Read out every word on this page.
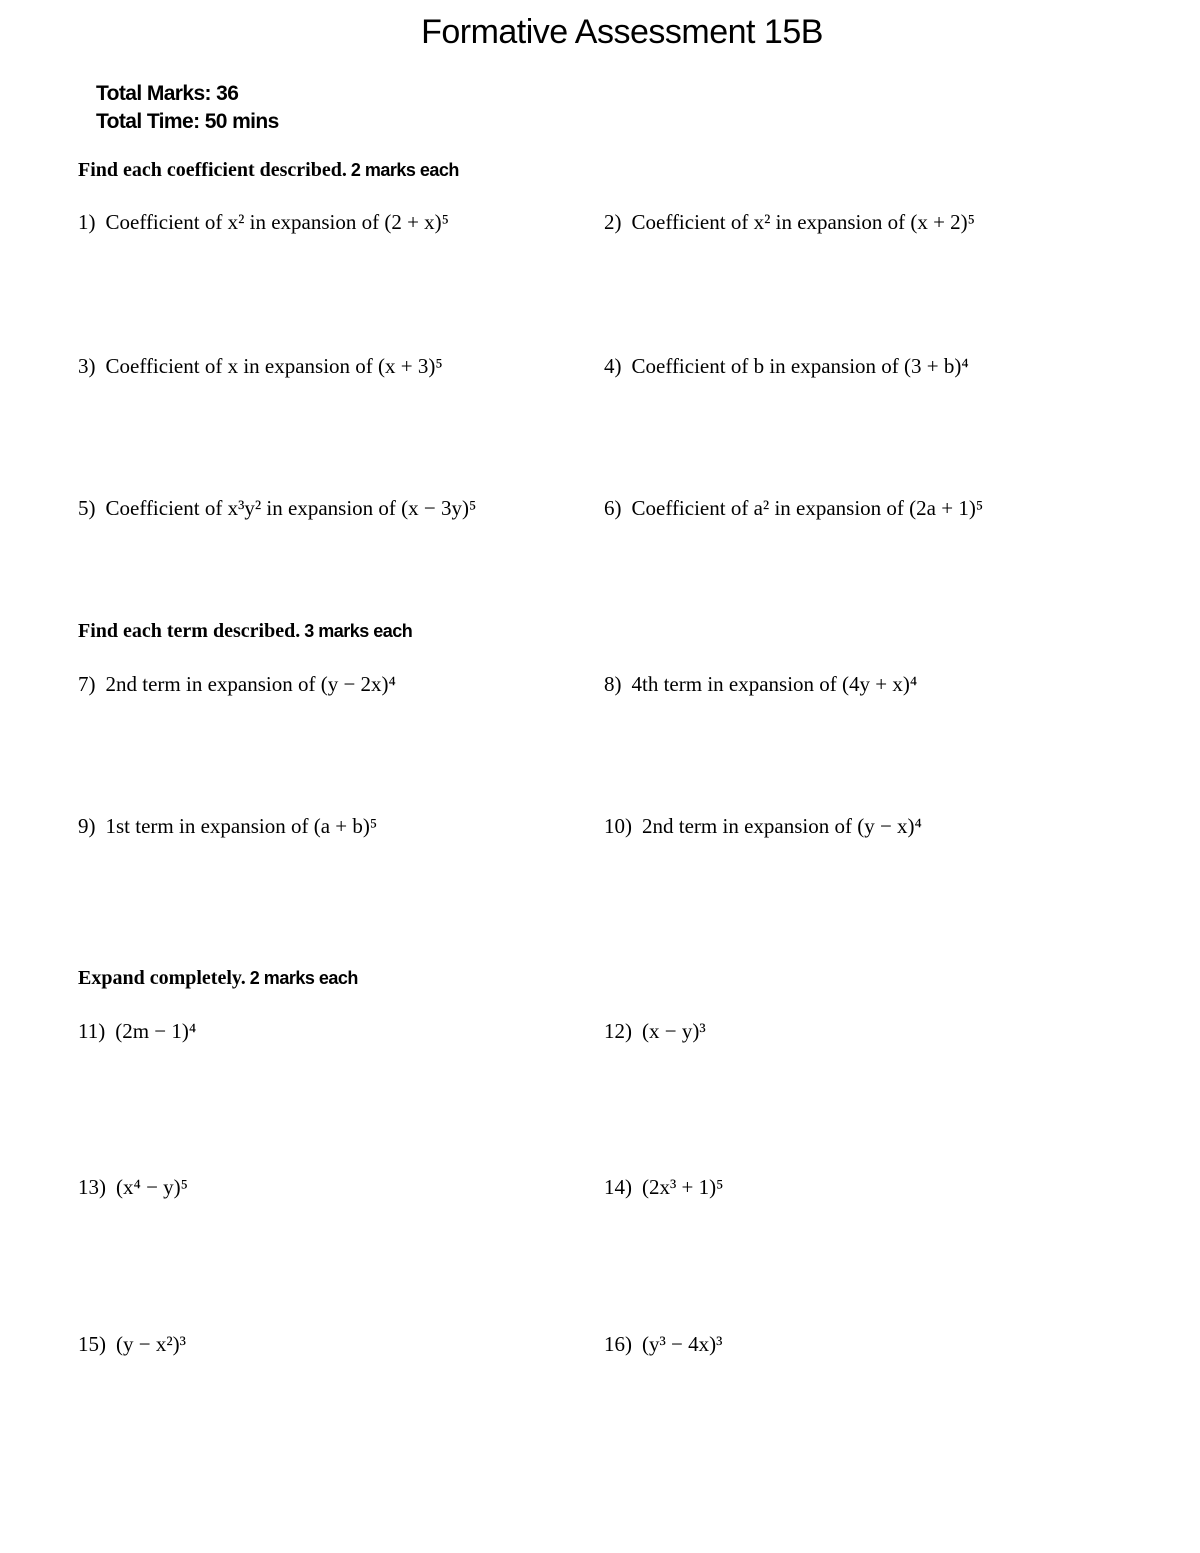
Formative Assessment 15B
Total Marks: 36
Total Time: 50 mins
Find each coefficient described. 2 marks each
1) Coefficient of x² in expansion of (2 + x)⁵	2) Coefficient of x² in expansion of (x + 2)⁵
3) Coefficient of x in expansion of (x + 3)⁵	4) Coefficient of b in expansion of (3 + b)⁴
5) Coefficient of x³y² in expansion of (x − 3y)⁵	6) Coefficient of a² in expansion of (2a + 1)⁵
Find each term described. 3 marks each
7) 2nd term in expansion of (y − 2x)⁴	8) 4th term in expansion of (4y + x)⁴
9) 1st term in expansion of (a + b)⁵	10) 2nd term in expansion of (y − x)⁴
Expand completely. 2 marks each
11) (2m − 1)⁴	12) (x − y)³
13) (x⁴ − y)⁵	14) (2x³ + 1)⁵
15) (y − x²)³	16) (y³ − 4x)³
